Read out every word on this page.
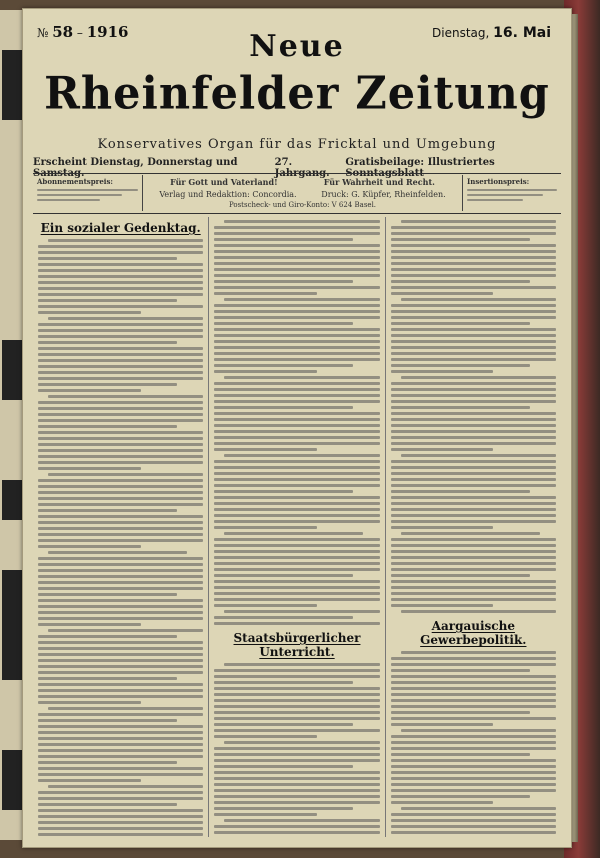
№ 58 – 1916	Dienstag, 16. Mai
Neue
Rheinfelder Zeitung
Konservatives Organ für das Fricktal und Umgebung
Erscheint Dienstag, Donnerstag und Samstag.
27. Jahrgang.
Gratisbeilage: Illustriertes Sonntagsblatt
Abonnementspreis:	Für Gott und Vaterland!	Für Wahrheit und Recht.
Verlag und Redaktion: Concordia.	Druck: G. Küpfer, Rheinfelden.
Postscheck- und Giro-Konto: V 624 Basel.
Insertionspreis:
Ein sozialer Gedenktag.
Staatsbürgerlicher Unterricht.
Aargauische Gewerbepolitik.
